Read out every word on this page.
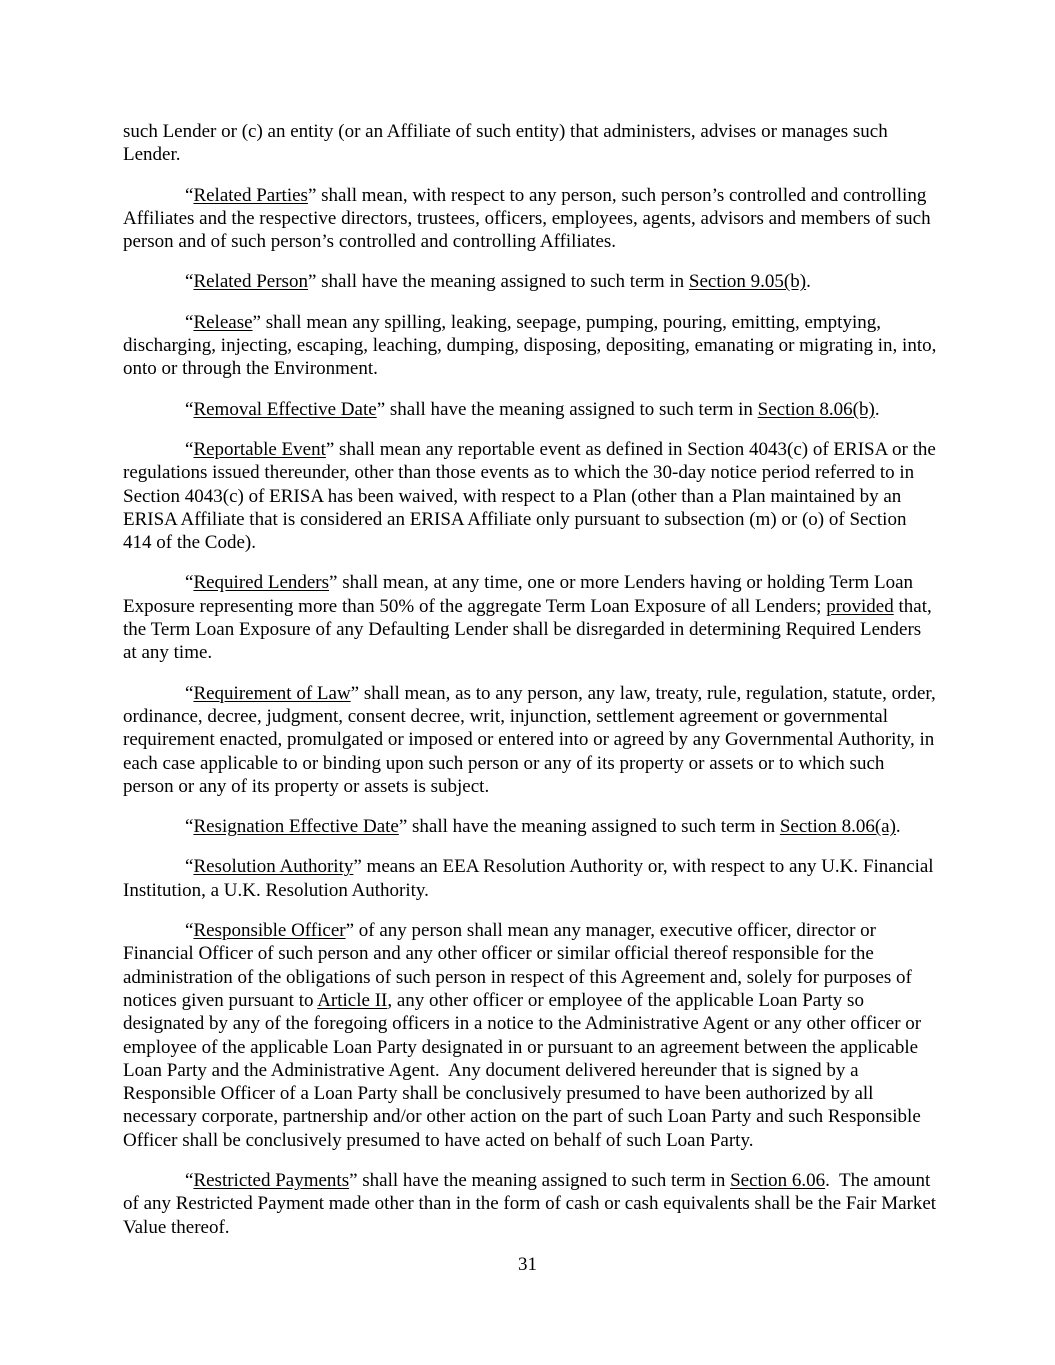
such Lender or (c) an entity (or an Affiliate of such entity) that administers, advises or manages such Lender.

“Related Parties” shall mean, with respect to any person, such person’s controlled and controlling Affiliates and the respective directors, trustees, officers, employees, agents, advisors and members of such person and of such person’s controlled and controlling Affiliates.

“Related Person” shall have the meaning assigned to such term in Section 9.05(b).

“Release” shall mean any spilling, leaking, seepage, pumping, pouring, emitting, emptying, discharging, injecting, escaping, leaching, dumping, disposing, depositing, emanating or migrating in, into, onto or through the Environment.

“Removal Effective Date” shall have the meaning assigned to such term in Section 8.06(b).

“Reportable Event” shall mean any reportable event as defined in Section 4043(c) of ERISA or the regulations issued thereunder, other than those events as to which the 30-day notice period referred to in Section 4043(c) of ERISA has been waived, with respect to a Plan (other than a Plan maintained by an ERISA Affiliate that is considered an ERISA Affiliate only pursuant to subsection (m) or (o) of Section 414 of the Code).

“Required Lenders” shall mean, at any time, one or more Lenders having or holding Term Loan Exposure representing more than 50% of the aggregate Term Loan Exposure of all Lenders; provided that, the Term Loan Exposure of any Defaulting Lender shall be disregarded in determining Required Lenders at any time.

“Requirement of Law” shall mean, as to any person, any law, treaty, rule, regulation, statute, order, ordinance, decree, judgment, consent decree, writ, injunction, settlement agreement or governmental requirement enacted, promulgated or imposed or entered into or agreed by any Governmental Authority, in each case applicable to or binding upon such person or any of its property or assets or to which such person or any of its property or assets is subject.

“Resignation Effective Date” shall have the meaning assigned to such term in Section 8.06(a).

“Resolution Authority” means an EEA Resolution Authority or, with respect to any U.K. Financial Institution, a U.K. Resolution Authority.

“Responsible Officer” of any person shall mean any manager, executive officer, director or Financial Officer of such person and any other officer or similar official thereof responsible for the administration of the obligations of such person in respect of this Agreement and, solely for purposes of notices given pursuant to Article II, any other officer or employee of the applicable Loan Party so designated by any of the foregoing officers in a notice to the Administrative Agent or any other officer or employee of the applicable Loan Party designated in or pursuant to an agreement between the applicable Loan Party and the Administrative Agent.  Any document delivered hereunder that is signed by a Responsible Officer of a Loan Party shall be conclusively presumed to have been authorized by all necessary corporate, partnership and/or other action on the part of such Loan Party and such Responsible Officer shall be conclusively presumed to have acted on behalf of such Loan Party.

“Restricted Payments” shall have the meaning assigned to such term in Section 6.06.  The amount of any Restricted Payment made other than in the form of cash or cash equivalents shall be the Fair Market Value thereof.

31
